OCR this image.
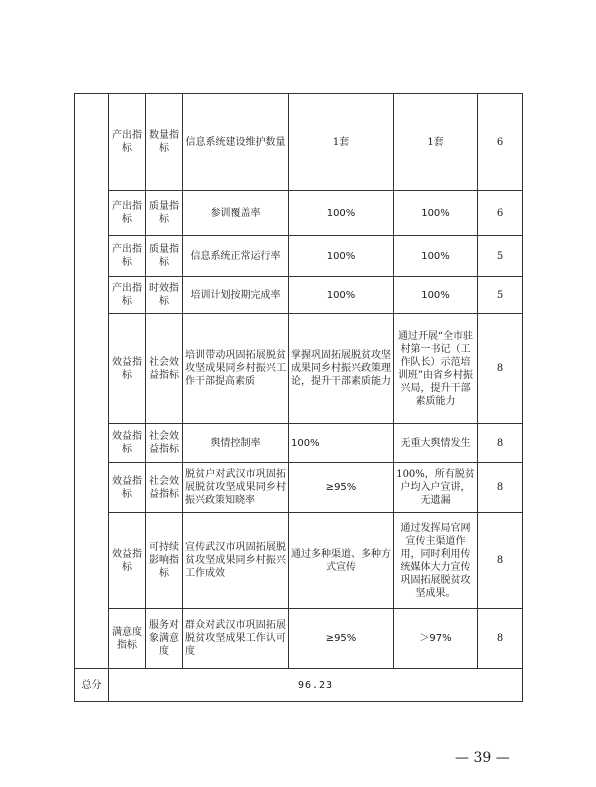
	产出指标	数量指标	信息系统建设维护数量	1套	1套	6
	产出指标	质量指标	参训覆盖率	100%	100%	6
	产出指标	质量指标	信息系统正常运行率	100%	100%	5
	产出指标	时效指标	培训计划按期完成率	100%	100%	5
	效益指标	社会效益指标	培训带动巩固拓展脱贫攻坚成果同乡村振兴工作干部提高素质	掌握巩固拓展脱贫攻坚成果同乡村振兴政策理论，提升干部素质能力	通过开展“全市驻村第一书记（工作队长）示范培训班”由省乡村振兴局，提升干部素质能力	8
	效益指标	社会效益指标	舆情控制率	100%	无重大舆情发生	8
	效益指标	社会效益指标	脱贫户对武汉市巩固拓展脱贫攻坚成果同乡村振兴政策知晓率	≥95%	100%，所有脱贫户均入户宣讲，无遗漏	8
	效益指标	可持续影响指标	宣传武汉市巩固拓展脱贫攻坚成果同乡村振兴工作成效	通过多种渠道、多种方式宣传	通过发挥局官网宣传主渠道作用，同时利用传统媒体大力宣传巩固拓展脱贫攻坚成果。	8
	满意度指标	服务对象满意度	群众对武汉市巩固拓展脱贫攻坚成果工作认可度	≥95%	＞97%	8
总分	96.23					
— 39 —
